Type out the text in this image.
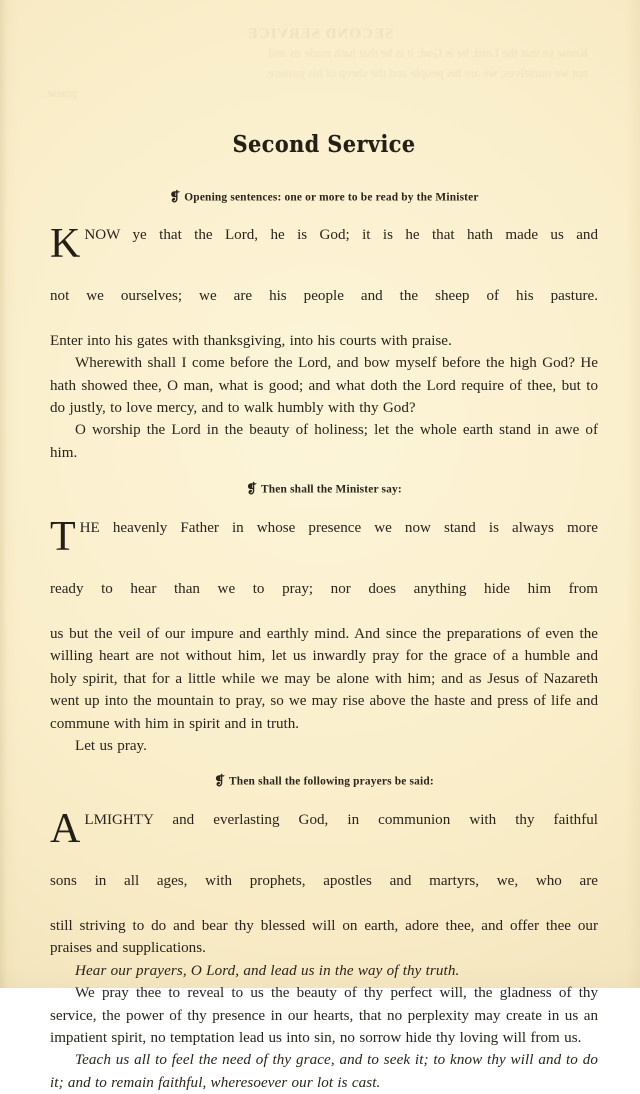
SECOND SERVICE
Know ye that the Lord, he is God; it is he that hath made us and
not we ourselves; we are his people and the sheep of his pasture.
praise.
Second Service
❡ Opening sentences: one or more to be read by the Minister
K NOW ye that the Lord, he is God; it is he that hath made us and
not we ourselves; we are his people and the sheep of his pasture.
Enter into his gates with thanksgiving, into his courts with praise.

Wherewith shall I come before the Lord, and bow myself before the high God? He hath showed thee, O man, what is good; and what doth the Lord require of thee, but to do justly, to love mercy, and to walk humbly with thy God?

O worship the Lord in the beauty of holiness; let the whole earth stand in awe of him.

❡ Then shall the Minister say:
T HE heavenly Father in whose presence we now stand is always more
ready to hear than we to pray; nor does anything hide him from
us but the veil of our impure and earthly mind. And since the preparations of even the willing heart are not without him, let us inwardly pray for the grace of a humble and holy spirit, that for a little while we may be alone with him; and as Jesus of Nazareth went up into the mountain to pray, so we may rise above the haste and press of life and commune with him in spirit and in truth.

Let us pray.

❡ Then shall the following prayers be said:
A LMIGHTY and everlasting God, in communion with thy faithful
sons in all ages, with prophets, apostles and martyrs, we, who are
still striving to do and bear thy blessed will on earth, adore thee, and offer thee our praises and supplications.

Hear our prayers, O Lord, and lead us in the way of thy truth.

We pray thee to reveal to us the beauty of thy perfect will, the gladness of thy service, the power of thy presence in our hearts, that no perplexity may create in us an impatient spirit, no temptation lead us into sin, no sorrow hide thy loving will from us.

Teach us all to feel the need of thy grace, and to seek it; to know thy will and to do it; and to remain faithful, wheresoever our lot is cast.
